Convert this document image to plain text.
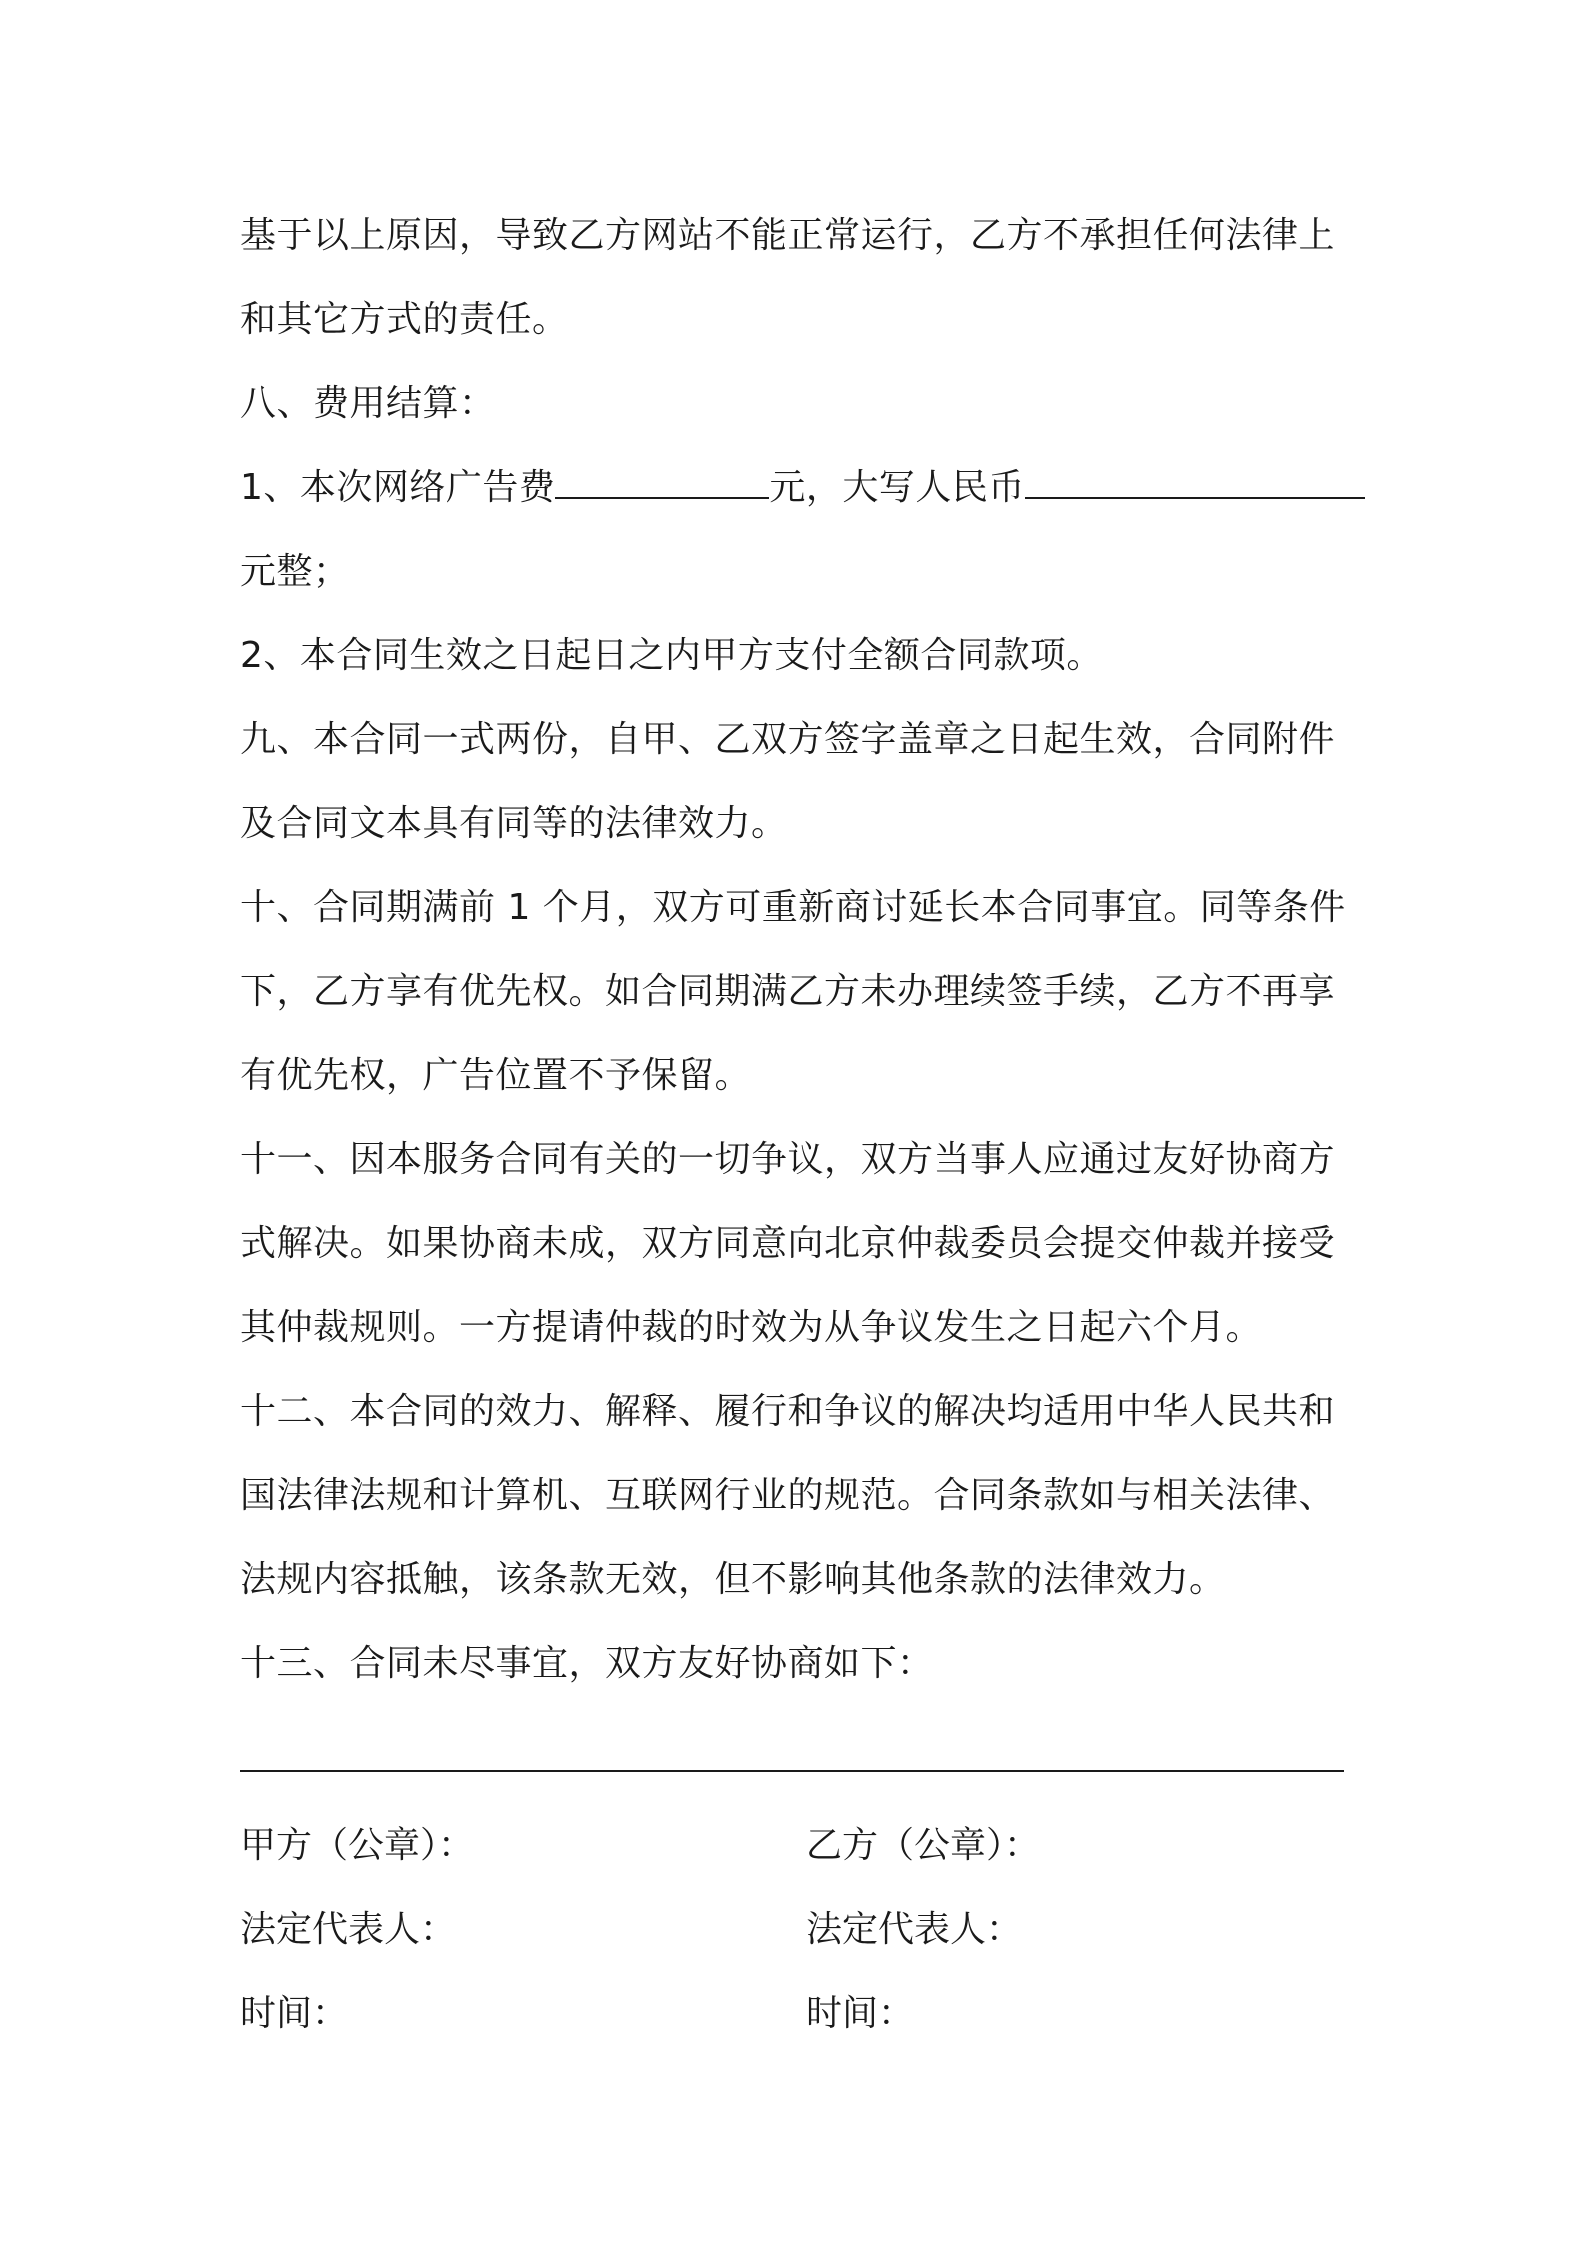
基于以上原因，导致乙方网站不能正常运行，乙方不承担任何法律上
和其它方式的责任。
八、费用结算：
1、本次网络广告费	元，大写人民币
元整；
2、本合同生效之日起日之内甲方支付全额合同款项。
九、本合同一式两份，自甲、乙双方签字盖章之日起生效，合同附件
及合同文本具有同等的法律效力。
十、合同期满前 1 个月，双方可重新商讨延长本合同事宜。同等条件
下，乙方享有优先权。如合同期满乙方未办理续签手续，乙方不再享
有优先权，广告位置不予保留。
十一、因本服务合同有关的一切争议，双方当事人应通过友好协商方
式解决。如果协商未成，双方同意向北京仲裁委员会提交仲裁并接受
其仲裁规则。一方提请仲裁的时效为从争议发生之日起六个月。
十二、本合同的效力、解释、履行和争议的解决均适用中华人民共和
国法律法规和计算机、互联网行业的规范。合同条款如与相关法律、
法规内容抵触，该条款无效，但不影响其他条款的法律效力。
十三、合同未尽事宜，双方友好协商如下：
甲方（公章）：	乙方（公章）：
法定代表人：	法定代表人：
时间：	时间：
